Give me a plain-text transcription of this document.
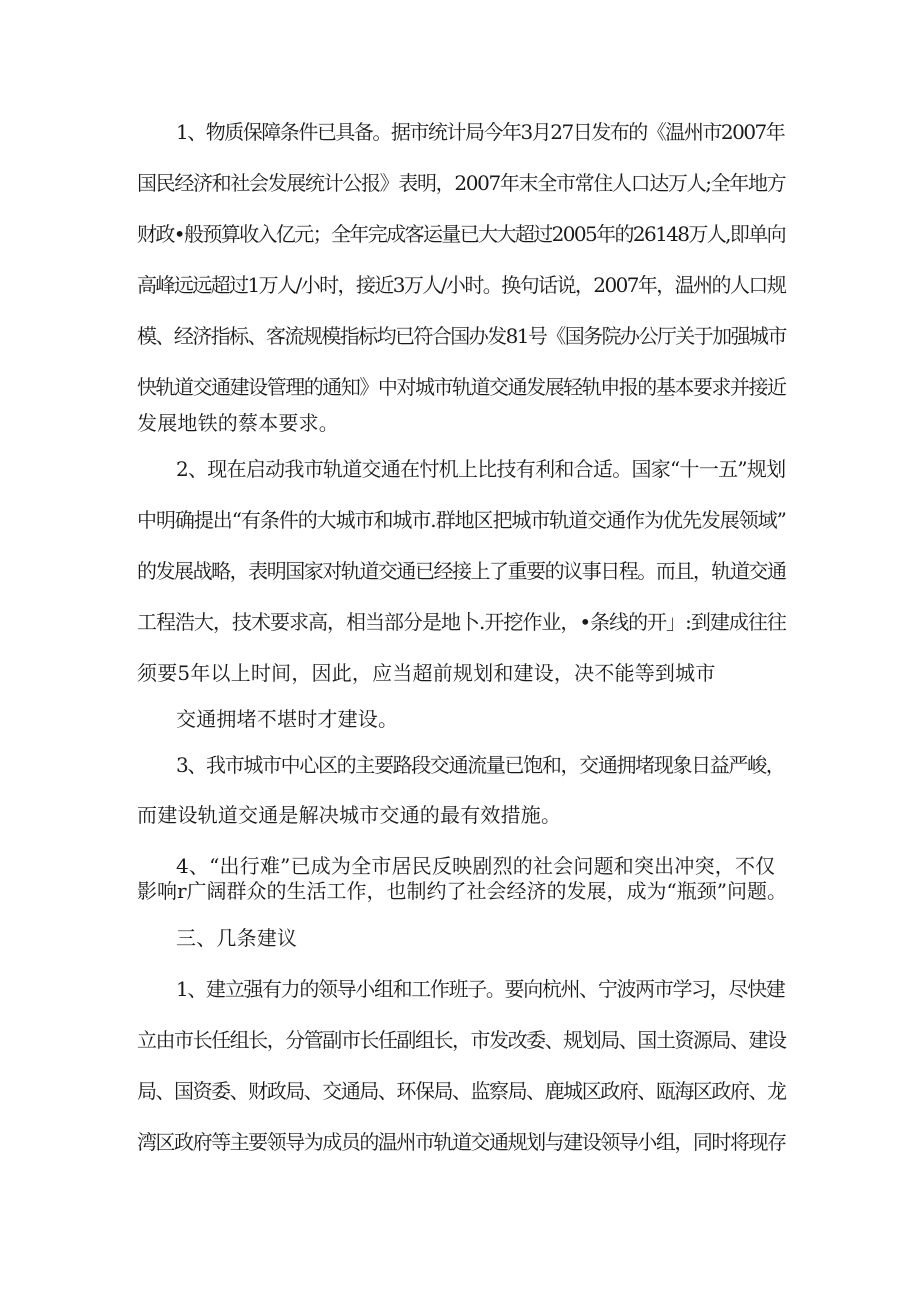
1、物质保障条件已具备。据市统计局今年3月27日发布的《温州市2007年
国民经济和社会发展统计公报》表明，2007年末全市常住人口达万人;全年地方
财政•般预算收入亿元；全年完成客运量已大大超过2005年的26148万人,即单向
高峰远远超过1万人/小时，接近3万人/小时。换句话说，2007年，温州的人口规
模、经济指标、客流规模指标均已符合国办发81号《国务院办公厅关于加强城市
快轨道交通建设管理的通知》中对城市轨道交通发展轻轨申报的基本要求并接近
发展地铁的蔡本要求。
2、现在启动我市轨道交通在忖机上比技有利和合适。国家“十一五”规划
中明确提出“有条件的大城市和城市.群地区把城市轨道交通作为优先发展领域”
的发展战略，表明国家对轨道交通已经接上了重要的议事日程。而且，轨道交通
工程浩大，技术要求高，相当部分是地卜.开挖作业，•条线的开」:到建成往往
须要5年以上时间，因此，应当超前规划和建设，决不能等到城市
交通拥堵不堪时才建设。
3、我市城市中心区的主要路段交通流量已饱和，交通拥堵现象日益严峻，
而建设轨道交通是解决城市交通的最有效措施。
4、“出行难”已成为全市居民反映剧烈的社会问题和突出冲突，不仅
影响r广阔群众的生活工作，也制约了社会经济的发展，成为“瓶颈”问题。
三、几条建议
1、建立强有力的领导小组和工作班子。要向杭州、宁波两市学习，尽快建
立由市长任组长，分管副市长任副组长，市发改委、规划局、国土资源局、建设
局、国资委、财政局、交通局、环保局、监察局、鹿城区政府、瓯海区政府、龙
湾区政府等主要领导为成员的温州市轨道交通规划与建设领导小组，同时将现存
